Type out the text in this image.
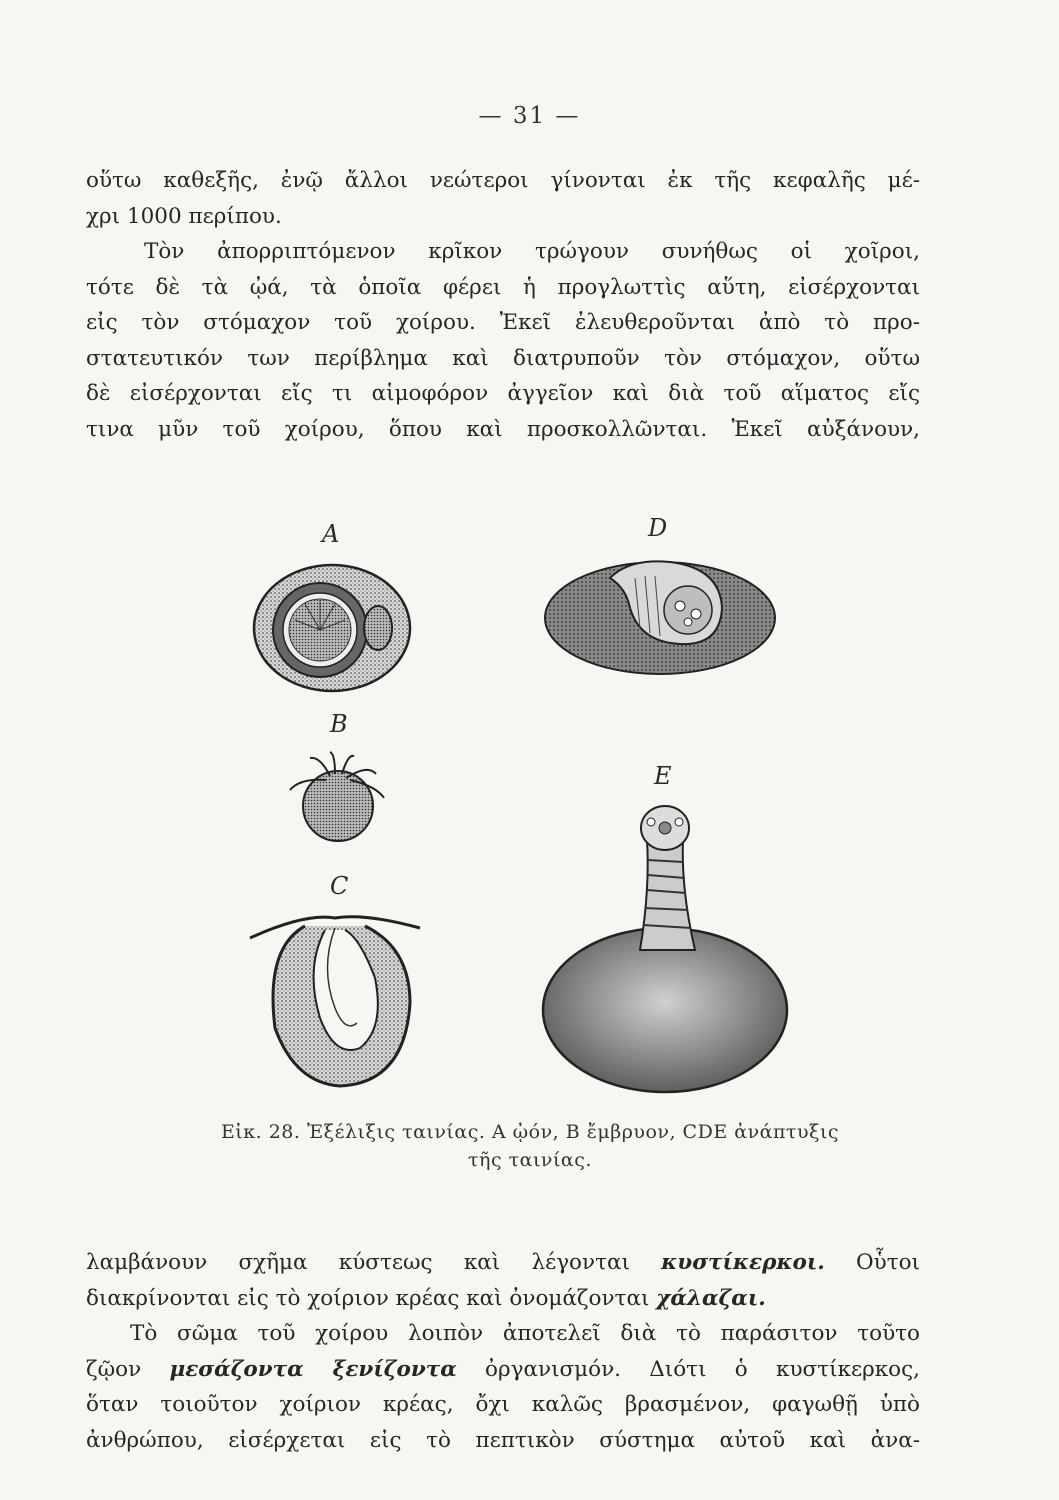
— 31 —
οὕτω καθεξῆς, ἐνῷ ἄλλοι νεώτεροι γίνονται ἐκ τῆς κεφαλῆς μέ-
χρι 1000 περίπου.
Τὸν ἀπορριπτόμενον κρῖκον τρώγουν συνήθως οἱ χοῖροι,
τότε δὲ τὰ ᾠά, τὰ ὁποῖα φέρει ἡ προγλωττὶς αὕτη, εἰσέρχονται
εἰς τὸν στόμαχον τοῦ χοίρου. Ἐκεῖ ἐλευθεροῦνται ἀπὸ τὸ προ-
στατευτικόν των περίβλημα καὶ διατρυποῦν τὸν στόμαχον, οὕτω
δὲ εἰσέρχονται εἴς τι αἱμοφόρον ἀγγεῖον καὶ διὰ τοῦ αἵματος εἴς
τινα μῦν τοῦ χοίρου, ὅπου καὶ προσκολλῶνται. Ἐκεῖ αὐξάνουν,
A	D
B
E
C
Εἰκ. 28. Ἐξέλιξις ταινίας. Α ᾠόν, Β ἔμβρυον, CDE ἀνάπτυξις
τῆς ταινίας.
λαμβάνουν σχῆμα κύστεως καὶ λέγονται κυστίκερκοι. Οὗτοι
διακρίνονται εἰς τὸ χοίριον κρέας καὶ ὀνομάζονται χάλαζαι.
Τὸ σῶμα τοῦ χοίρου λοιπὸν ἀποτελεῖ διὰ τὸ παράσιτον τοῦτο
ζῷον μεσάζοντα ξενίζοντα ὀργανισμόν. Διότι ὁ κυστίκερκος,
ὅταν τοιοῦτον χοίριον κρέας, ὄχι καλῶς βρασμένον, φαγωθῇ ὑπὸ
ἀνθρώπου, εἰσέρχεται εἰς τὸ πεπτικὸν σύστημα αὐτοῦ καὶ ἀνα-
